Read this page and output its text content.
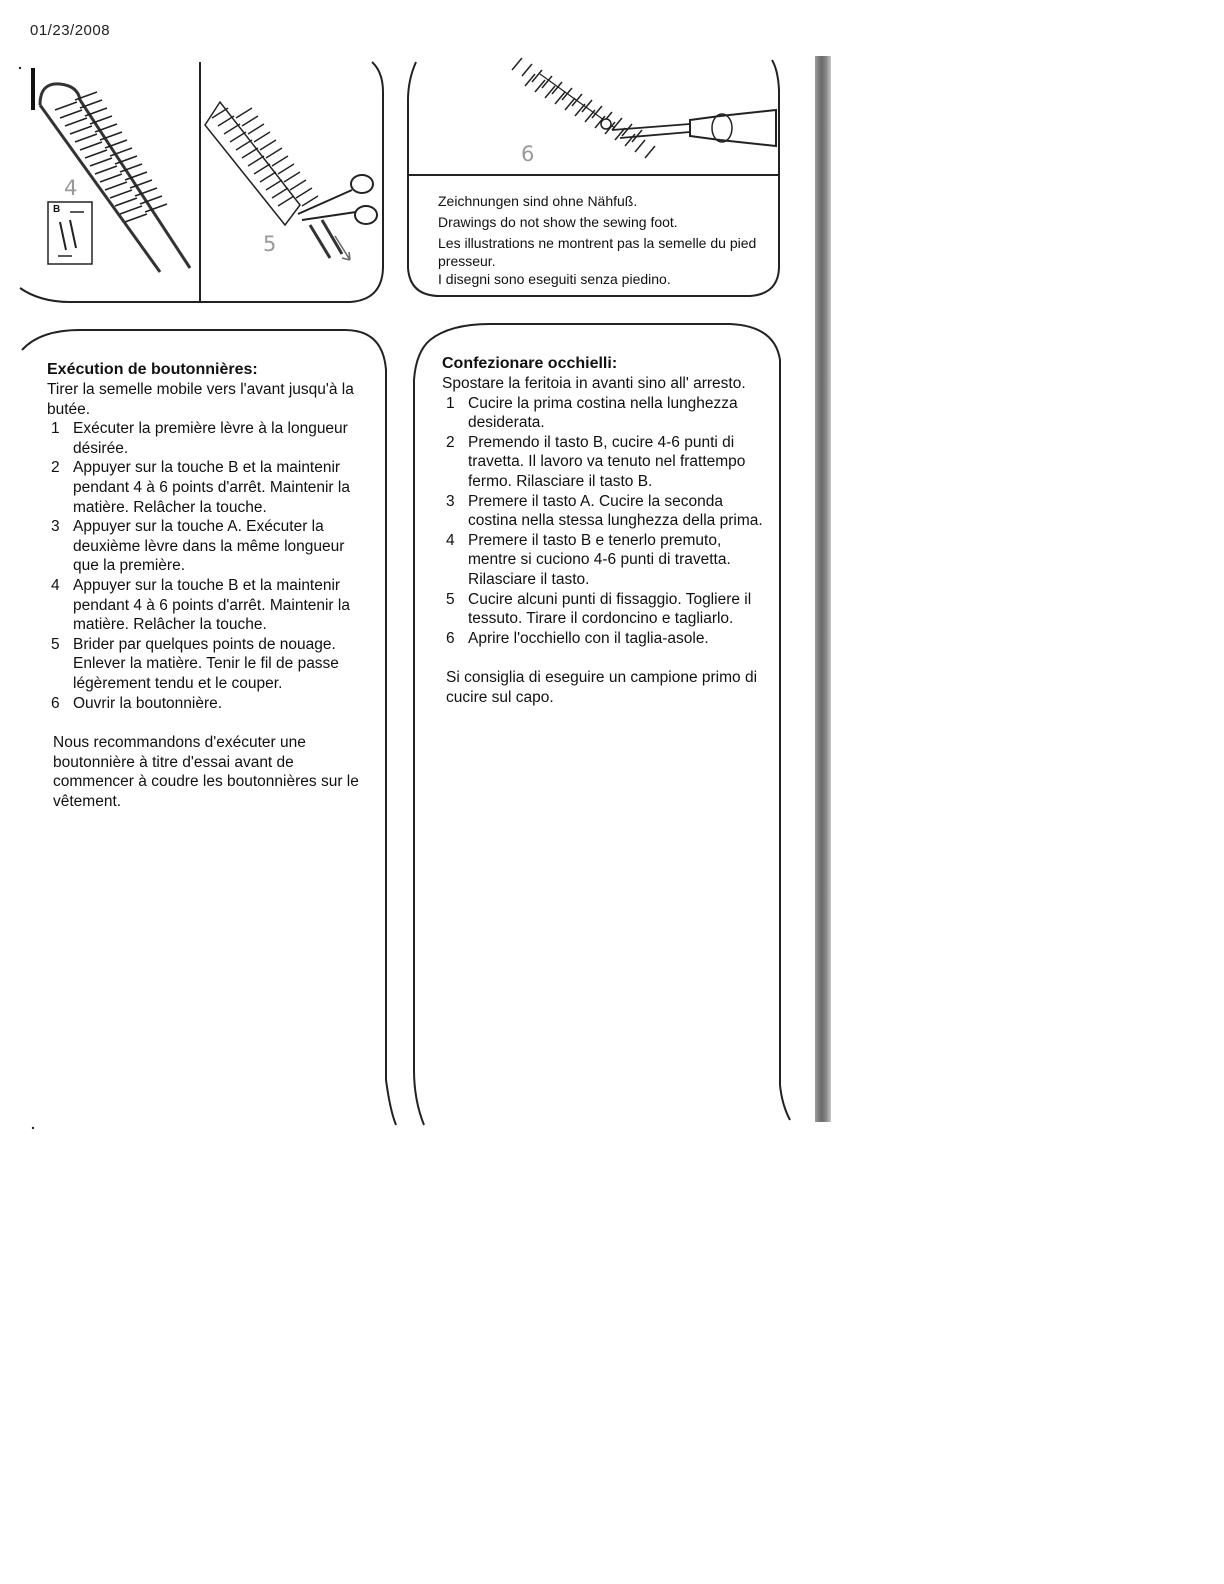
01/23/2008
4
B
5
6
Zeichnungen sind ohne Nähfuß.
Drawings do not show the sewing foot.
Les illustrations ne montrent pas la semelle du pied presseur.
I disegni sono eseguiti senza piedino.
Exécution de boutonnières:
Tirer la semelle mobile vers l'avant jusqu'à la butée.
1 Exécuter la première lèvre à la longueur désirée.
2 Appuyer sur la touche B et la maintenir pendant 4 à 6 points d'arrêt. Maintenir la matière. Relâcher la touche.
3 Appuyer sur la touche A. Exécuter la deuxième lèvre dans la même longueur que la première.
4 Appuyer sur la touche B et la maintenir pendant 4 à 6 points d'arrêt. Maintenir la matière. Relâcher la touche.
5 Brider par quelques points de nouage. Enlever la matière. Tenir le fil de passe légèrement tendu et le couper.
6 Ouvrir la boutonnière.
Nous recommandons d'exécuter une boutonnière à titre d'essai avant de commencer à coudre les boutonnières sur le vêtement.
Confezionare occhielli:
Spostare la feritoia in avanti sino all' arresto.
1 Cucire la prima costina nella lunghezza desiderata.
2 Premendo il tasto B, cucire 4-6 punti di travetta. Il lavoro va tenuto nel frattempo fermo. Rilasciare il tasto B.
3 Premere il tasto A. Cucire la seconda costina nella stessa lunghezza della prima.
4 Premere il tasto B e tenerlo premuto, mentre si cuciono 4-6 punti di travetta. Rilasciare il tasto.
5 Cucire alcuni punti di fissaggio. Togliere il tessuto. Tirare il cordoncino e tagliarlo.
6 Aprire l'occhiello con il taglia-asole.
Si consiglia di eseguire un campione primo di cucire sul capo.
